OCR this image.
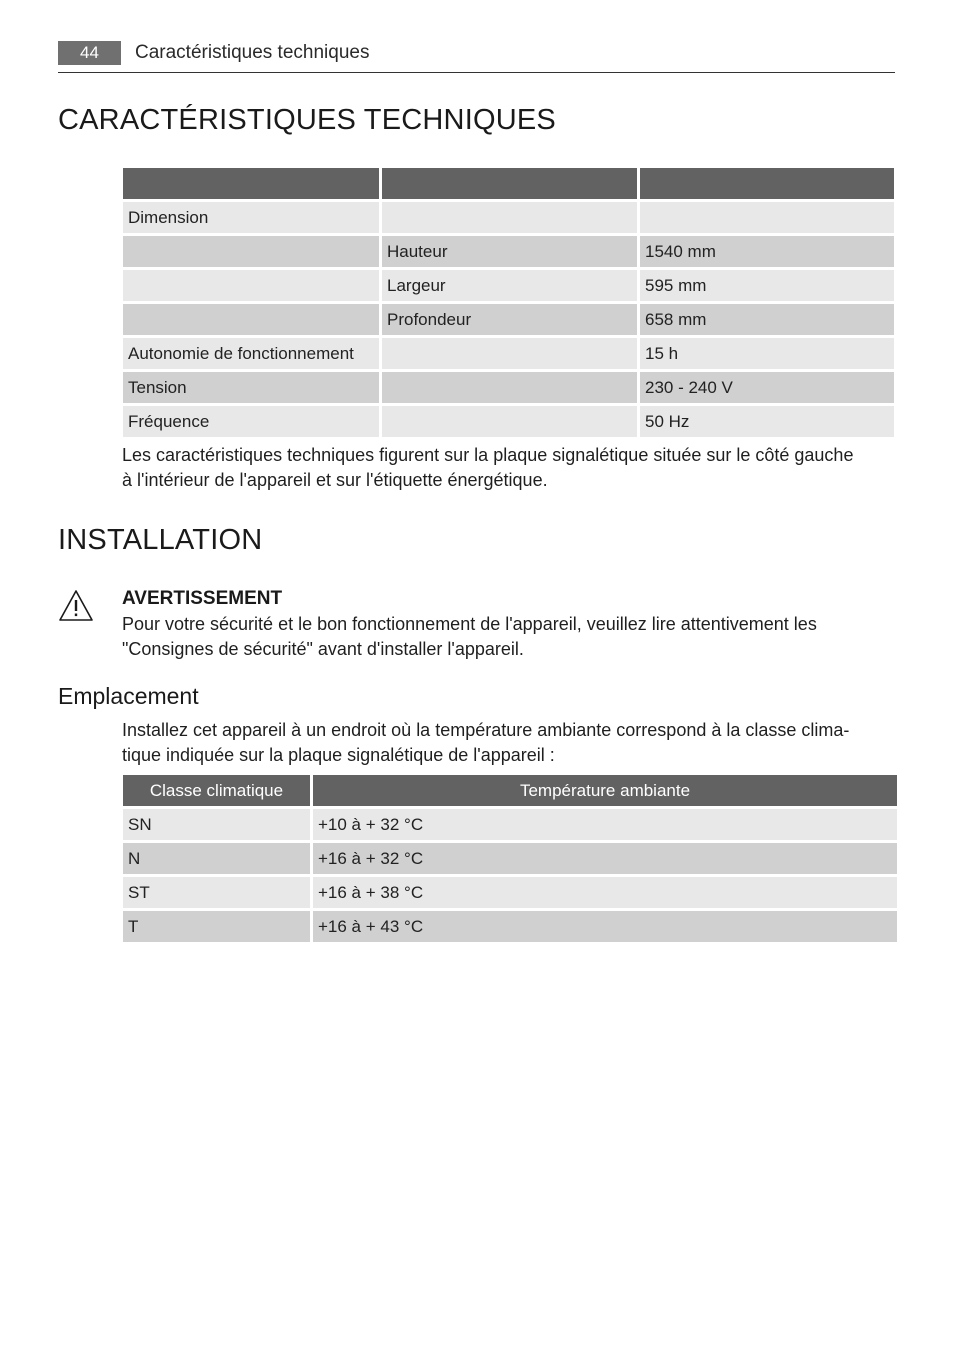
44	Caractéristiques techniques
CARACTÉRISTIQUES TECHNIQUES

Dimension		
	Hauteur	1540 mm
	Largeur	595 mm
	Profondeur	658 mm
Autonomie de fonctionnement		15 h
Tension		230 - 240 V
Fréquence		50 Hz

Les caractéristiques techniques figurent sur la plaque signalétique située sur le côté gauche
à l'intérieur de l'appareil et sur l'étiquette énergétique.

INSTALLATION
AVERTISSEMENT

Pour votre sécurité et le bon fonctionnement de l'appareil, veuillez lire attentivement les
"Consignes de sécurité" avant d'installer l'appareil.

Emplacement

Installez cet appareil à un endroit où la température ambiante correspond à la classe clima-
tique indiquée sur la plaque signalétique de l'appareil :

Classe climatique	Température ambiante
SN	+10 à + 32 °C
N	+16 à + 32 °C
ST	+16 à + 38 °C
T	+16 à + 43 °C
